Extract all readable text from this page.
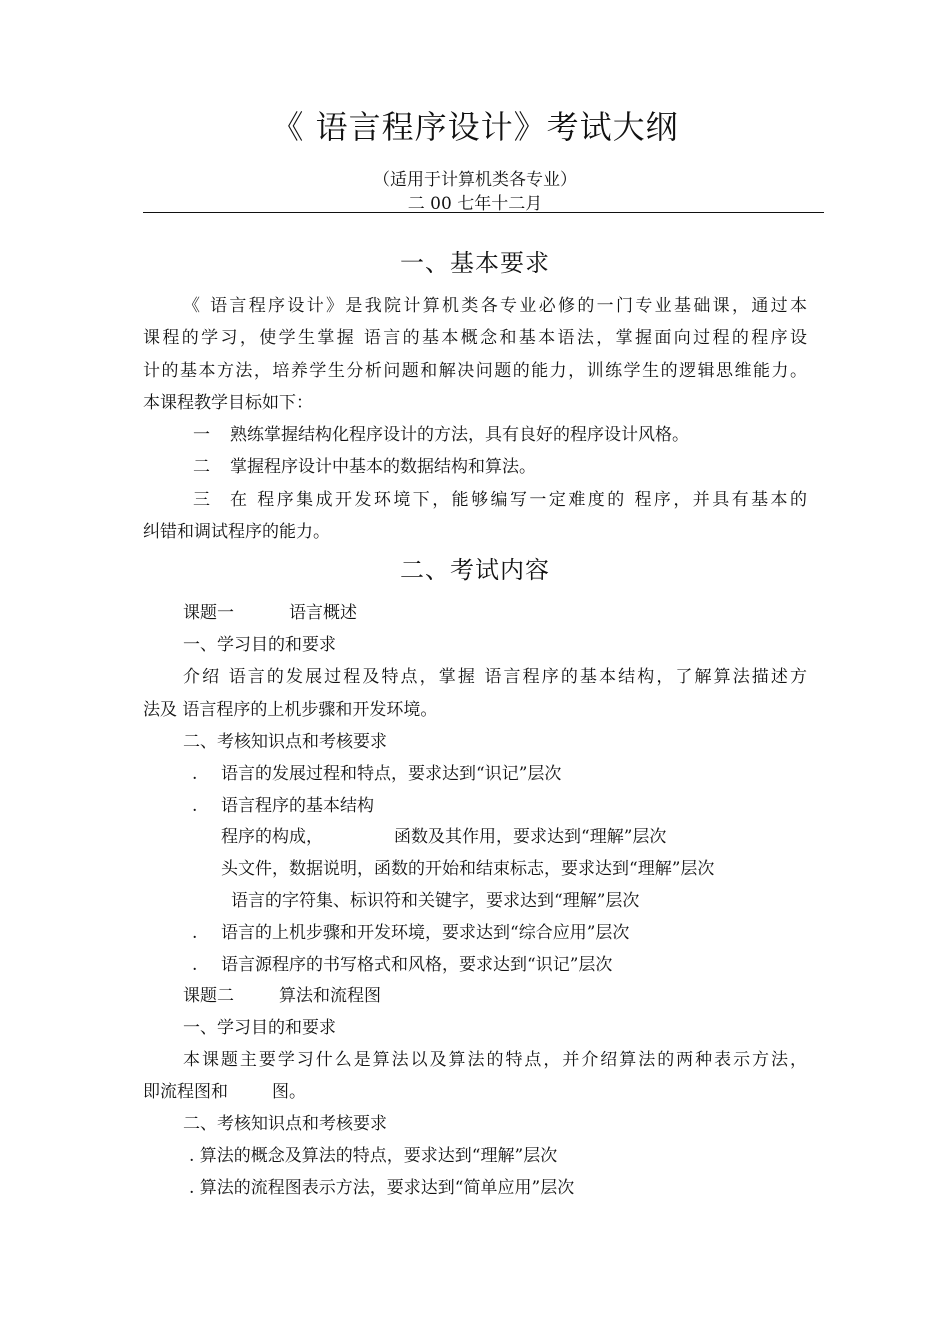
《 语言程序设计》考试大纲
（适用于计算机类各专业）
二 00 七年十二月
一、基本要求
《 语言程序设计》是我院计算机类各专业必修的一门专业基础课，通过本
课程的学习，使学生掌握 语言的基本概念和基本语法，掌握面向过程的程序设
计的基本方法，培养学生分析问题和解决问题的能力，训练学生的逻辑思维能力。
本课程教学目标如下：
一 熟练掌握结构化程序设计的方法，具有良好的程序设计风格。
二 掌握程序设计中基本的数据结构和算法。
三 在 程序集成开发环境下，能够编写一定难度的 程序，并具有基本的
纠错和调试程序的能力。
二、考试内容
课题一	语言概述
一、学习目的和要求
介绍 语言的发展过程及特点，掌握 语言程序的基本结构，了解算法描述方
法及 语言程序的上机步骤和开发环境。
二、考核知识点和考核要求
. 语言的发展过程和特点，要求达到“识记”层次
. 语言程序的基本结构
程序的构成，	函数及其作用，要求达到“理解”层次
头文件，数据说明，函数的开始和结束标志，要求达到“理解”层次
语言的字符集、标识符和关键字，要求达到“理解”层次
. 语言的上机步骤和开发环境，要求达到“综合应用”层次
. 语言源程序的书写格式和风格，要求达到“识记”层次
课题二	算法和流程图
一、学习目的和要求
本课题主要学习什么是算法以及算法的特点，并介绍算法的两种表示方法，
即流程图和	图。
二、考核知识点和考核要求
. 算法的概念及算法的特点，要求达到“理解”层次
. 算法的流程图表示方法，要求达到“简单应用”层次
